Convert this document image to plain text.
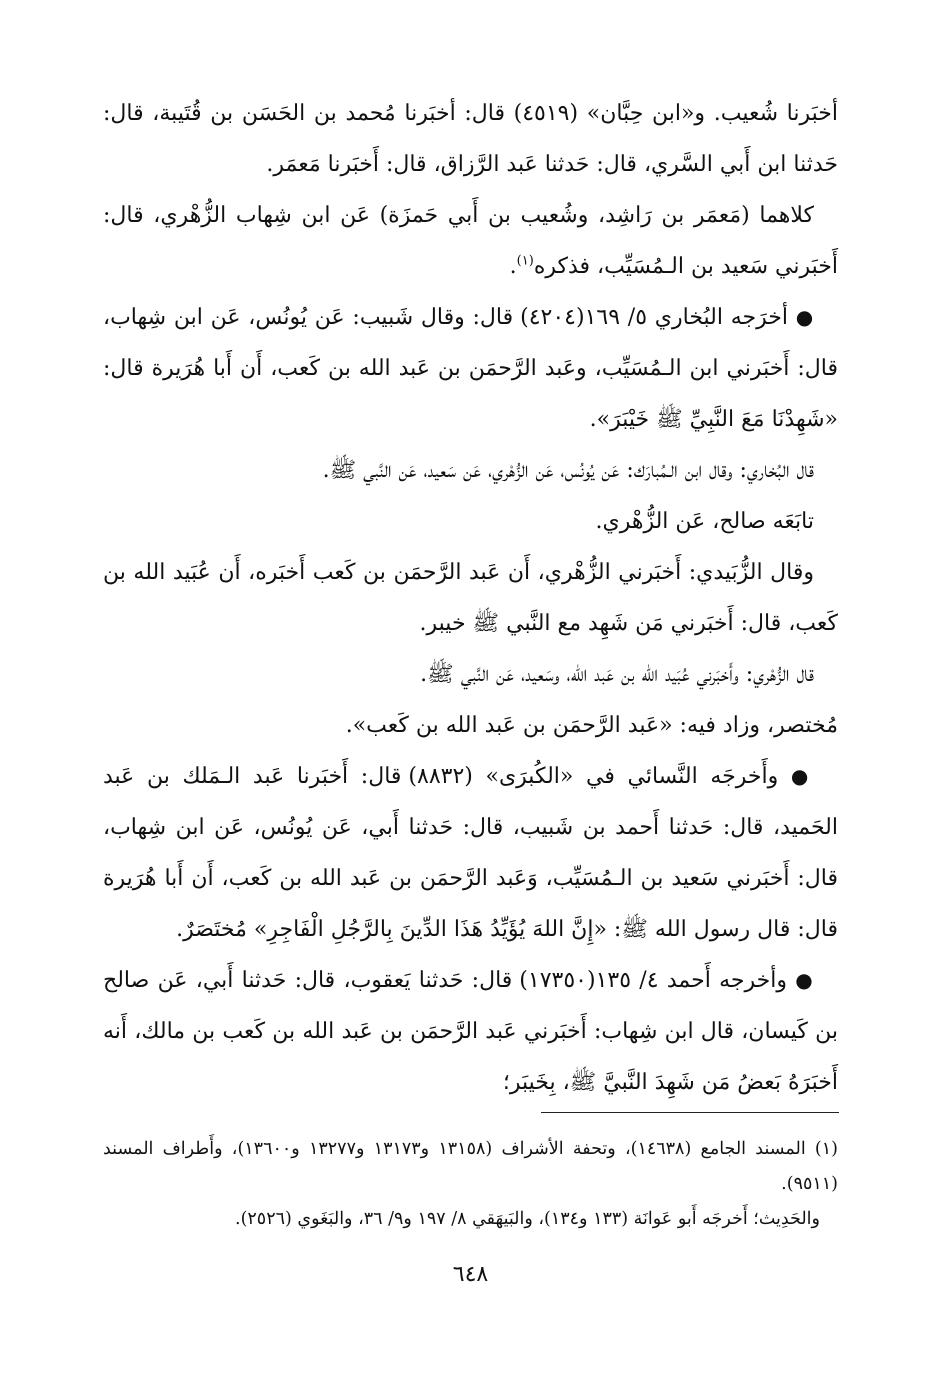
أخبَرنا شُعيب. و«ابن حِبَّان» (٤٥١٩) قال: أخبَرنا مُحمد بن الحَسَن بن قُتَيبة، قال: حَدثنا ابن أَبي السَّري، قال: حَدثنا عَبد الرَّزاق، قال: أَخبَرنا مَعمَر.

كلاهما (مَعمَر بن رَاشِد، وشُعيب بن أَبي حَمزَة) عَن ابن شِهاب الزُّهْري، قال: أَخبَرني سَعيد بن الـمُسَيِّب، فذكره$^{(١)}$.

● أخرَجه البُخاري ٥/ ١٦٩(٤٢٠٤) قال: وقال شَبيب: عَن يُونُس، عَن ابن شِهاب، قال: أَخبَرني ابن الـمُسَيِّب، وعَبد الرَّحمَن بن عَبد الله بن كَعب، أَن أَبا هُرَيرة قال: «شَهِدْنَا مَعَ النَّبِيِّ ﷺ خَيْبَرَ».

قال البُخاري: وقال ابن الـمُبارَك: عَن يُونُس، عَن الزُّهْري، عَن سَعيد، عَن النَّبي ﷺ.

تابَعَه صالح، عَن الزُّهْري.

وقال الزُّبَيدي: أَخبَرني الزُّهْري، أَن عَبد الرَّحمَن بن كَعب أَخبَره، أَن عُبَيد الله بن كَعب، قال: أَخبَرني مَن شَهِد مع النَّبي ﷺ خيبر.

قال الزُّهْري: وأَخبَرني عُبَيد الله بن عَبد الله، وسَعيد، عَن النَّبي ﷺ.

مُختصر، وزاد فيه: «عَبد الرَّحمَن بن عَبد الله بن كَعب».

● وأَخرجَه النَّسائي في «الكُبرَى» (٨٨٣٢) قال: أَخبَرنا عَبد الـمَلك بن عَبد الحَميد، قال: حَدثنا أَحمد بن شَبيب، قال: حَدثنا أَبي، عَن يُونُس، عَن ابن شِهاب، قال: أَخبَرني سَعيد بن الـمُسَيِّب، وَعَبد الرَّحمَن بن عَبد الله بن كَعب، أَن أَبا هُرَيرة قال: قال رسول الله ﷺ: «إِنَّ اللهَ يُؤَيِّدُ هَذَا الدِّينَ بِالرَّجُلِ الْفَاجِرِ» مُختَصَرٌ.

● وأخرجه أَحمد ٤/ ١٣٥(١٧٣٥٠) قال: حَدثنا يَعقوب، قال: حَدثنا أَبي، عَن صالح بن كَيسان، قال ابن شِهاب: أَخبَرني عَبد الرَّحمَن بن عَبد الله بن كَعب بن مالك، أَنه أَخبَرَهُ بَعضُ مَن شَهِدَ النَّبيَّ ﷺ، بِخَيبَر؛

(١) المسند الجامع (١٤٦٣٨)، وتحفة الأشراف (١٣١٥٨ و١٣١٧٣ و١٣٢٧٧ و١٣٦٠٠)، وأَطراف المسند (٩٥١١).

والحَدِيث؛ أَخرجَه أَبو عَوانَة (١٣٣ و١٣٤)، والبَيهَقي ٨/ ١٩٧ و٩/ ٣٦، والبَغَوي (٢٥٢٦).

٦٤٨
